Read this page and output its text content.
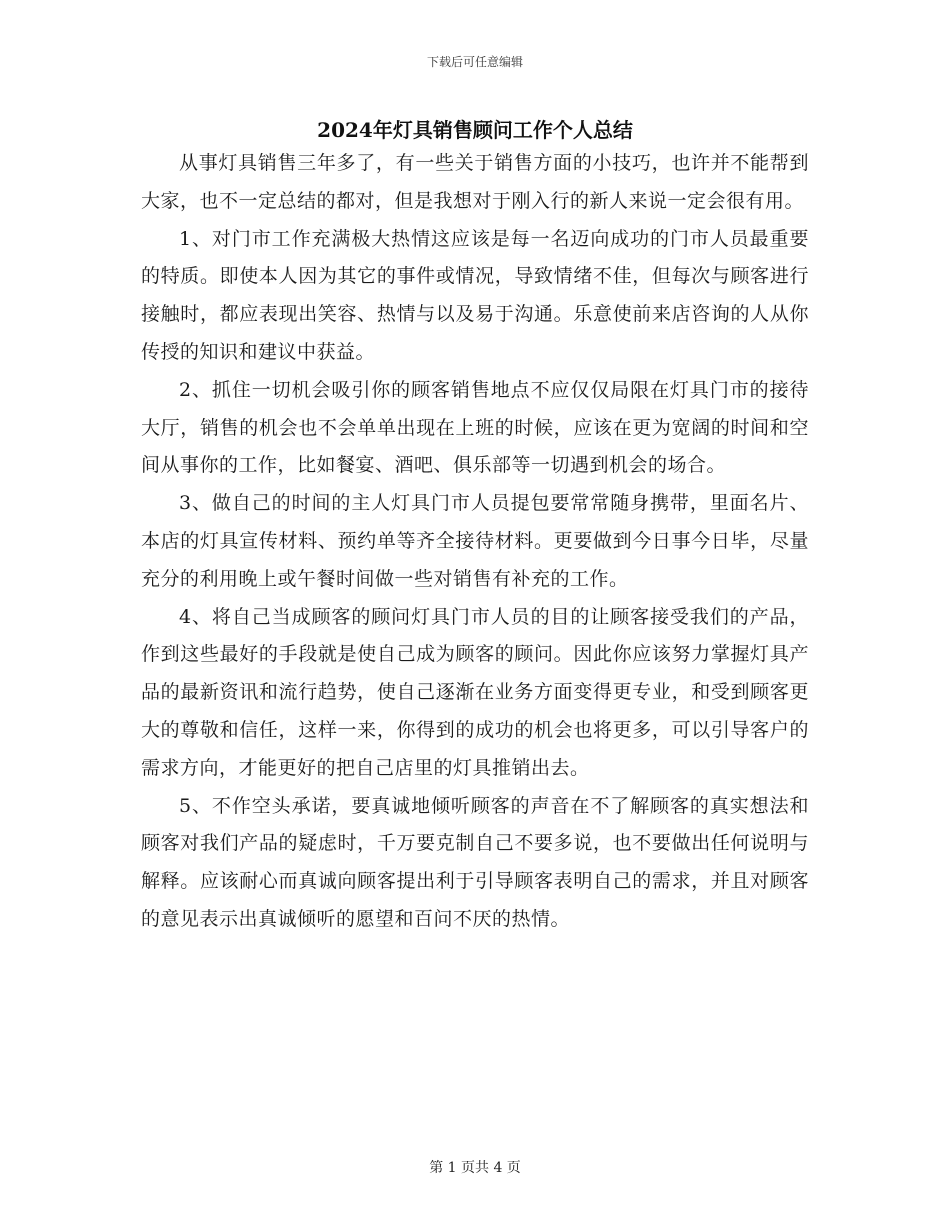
下载后可任意编辑
2024年灯具销售顾问工作个人总结

从事灯具销售三年多了，有一些关于销售方面的小技巧，也许并不能帮到大家，也不一定总结的都对，但是我想对于刚入行的新人来说一定会很有用。

1、对门市工作充满极大热情这应该是每一名迈向成功的门市人员最重要的特质。即使本人因为其它的事件或情况，导致情绪不佳，但每次与顾客进行接触时，都应表现出笑容、热情与以及易于沟通。乐意使前来店咨询的人从你传授的知识和建议中获益。

2、抓住一切机会吸引你的顾客销售地点不应仅仅局限在灯具门市的接待大厅，销售的机会也不会单单出现在上班的时候，应该在更为宽阔的时间和空间从事你的工作，比如餐宴、酒吧、俱乐部等一切遇到机会的场合。

3、做自己的时间的主人灯具门市人员提包要常常随身携带，里面名片、本店的灯具宣传材料、预约单等齐全接待材料。更要做到今日事今日毕，尽量充分的利用晚上或午餐时间做一些对销售有补充的工作。

4、将自己当成顾客的顾问灯具门市人员的目的让顾客接受我们的产品，作到这些最好的手段就是使自己成为顾客的顾问。因此你应该努力掌握灯具产品的最新资讯和流行趋势，使自己逐渐在业务方面变得更专业，和受到顾客更大的尊敬和信任，这样一来，你得到的成功的机会也将更多，可以引导客户的需求方向，才能更好的把自己店里的灯具推销出去。

5、不作空头承诺，要真诚地倾听顾客的声音在不了解顾客的真实想法和顾客对我们产品的疑虑时，千万要克制自己不要多说，也不要做出任何说明与解释。应该耐心而真诚向顾客提出利于引导顾客表明自己的需求，并且对顾客的意见表示出真诚倾听的愿望和百问不厌的热情。

第 1 页共 4 页
